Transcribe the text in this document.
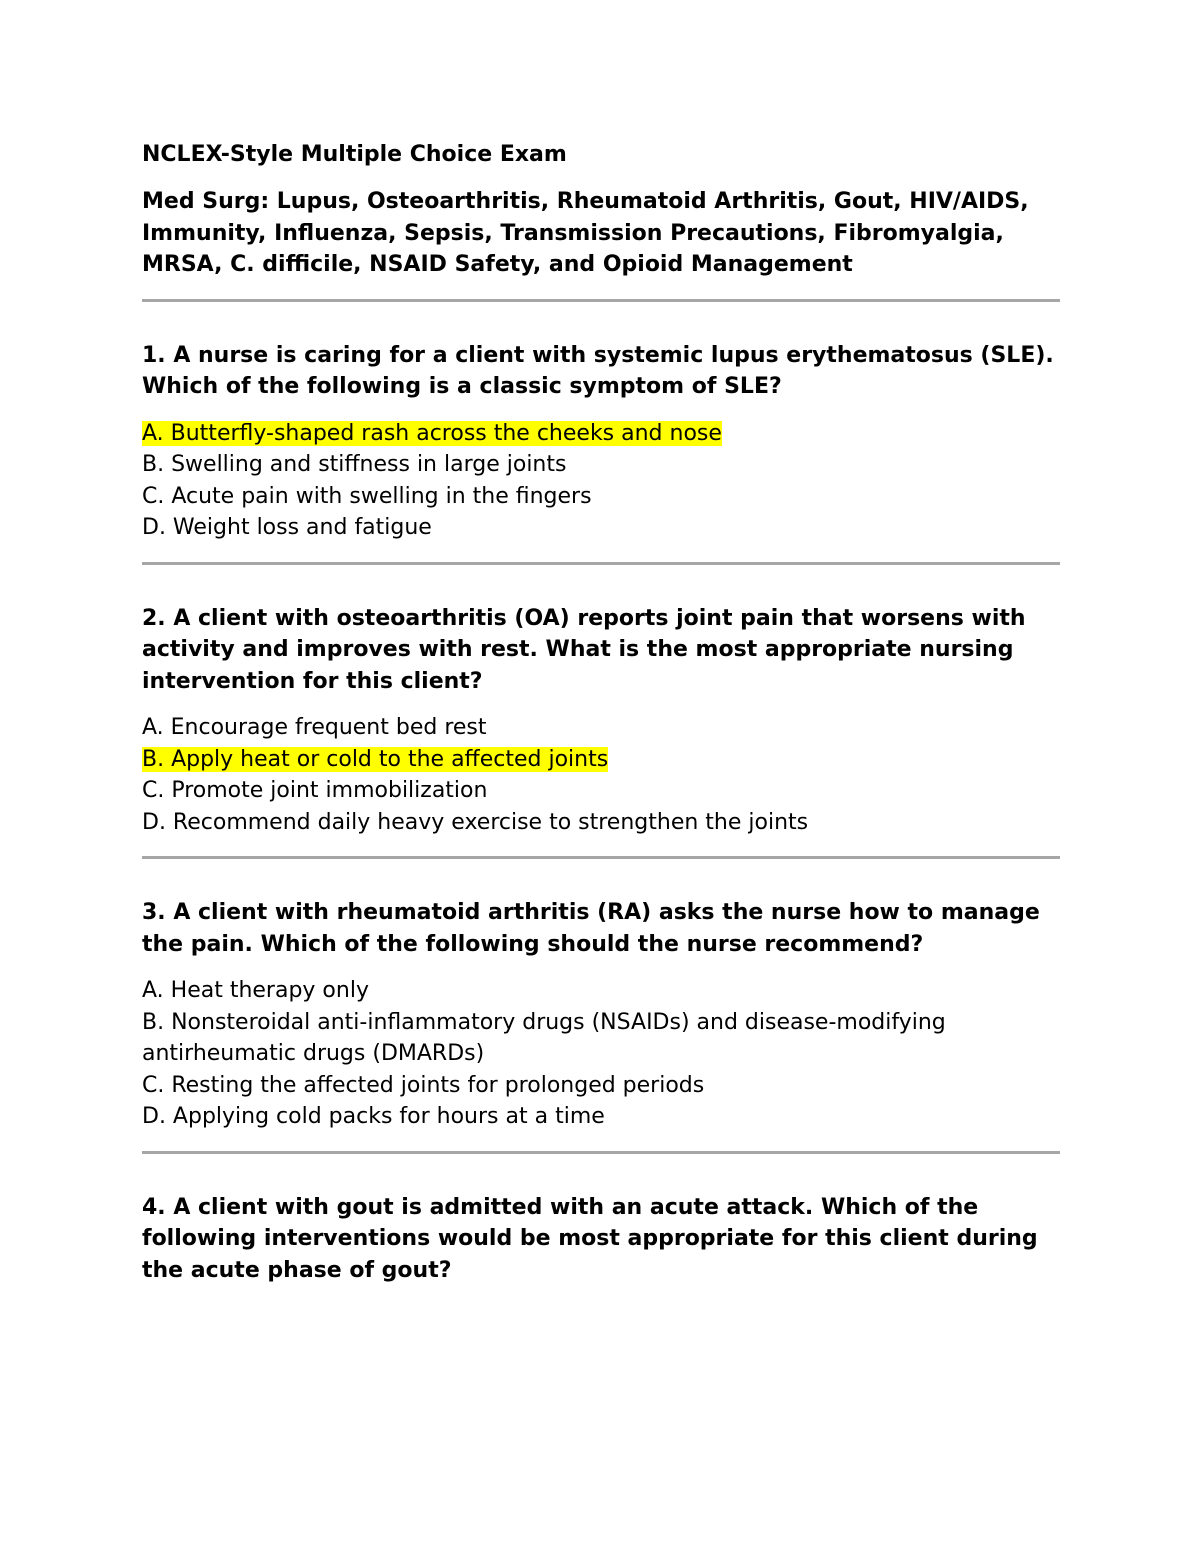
NCLEX-Style Multiple Choice Exam
Med Surg: Lupus, Osteoarthritis, Rheumatoid Arthritis, Gout, HIV/AIDS, Immunity, Influenza, Sepsis, Transmission Precautions, Fibromyalgia, MRSA, C. difficile, NSAID Safety, and Opioid Management
1. A nurse is caring for a client with systemic lupus erythematosus (SLE). Which of the following is a classic symptom of SLE?
A. Butterfly-shaped rash across the cheeks and nose
B. Swelling and stiffness in large joints
C. Acute pain with swelling in the fingers
D. Weight loss and fatigue
2. A client with osteoarthritis (OA) reports joint pain that worsens with activity and improves with rest. What is the most appropriate nursing intervention for this client?
A. Encourage frequent bed rest
B. Apply heat or cold to the affected joints
C. Promote joint immobilization
D. Recommend daily heavy exercise to strengthen the joints
3. A client with rheumatoid arthritis (RA) asks the nurse how to manage the pain. Which of the following should the nurse recommend?
A. Heat therapy only
B. Nonsteroidal anti-inflammatory drugs (NSAIDs) and disease-modifying antirheumatic drugs (DMARDs)
C. Resting the affected joints for prolonged periods
D. Applying cold packs for hours at a time
4. A client with gout is admitted with an acute attack. Which of the following interventions would be most appropriate for this client during the acute phase of gout?
